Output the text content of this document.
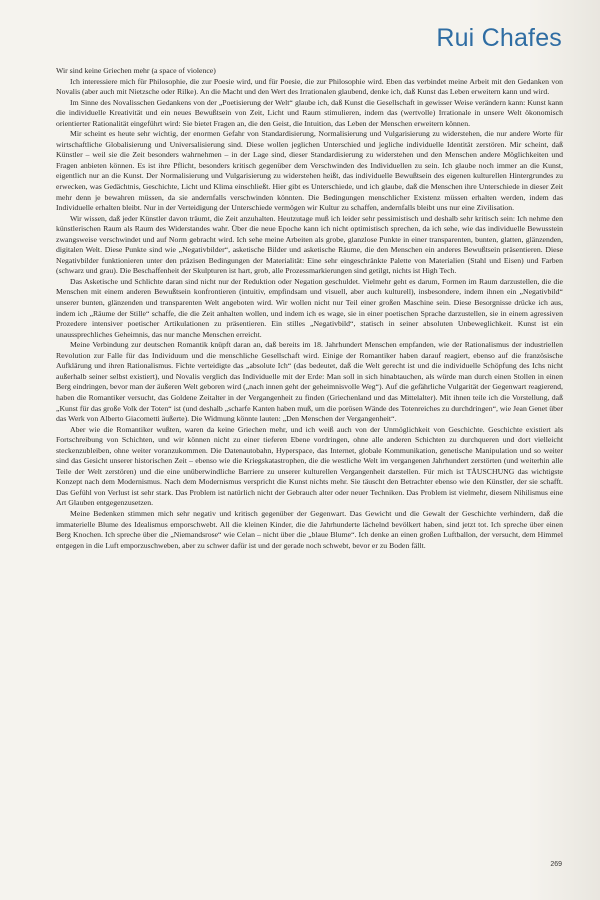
Rui Chafes

Wir sind keine Griechen mehr (a space of violence)

Ich interessiere mich für Philosophie, die zur Poesie wird, und für Poesie, die zur Philosophie wird. Eben das verbindet meine Arbeit mit den Gedanken von Novalis (aber auch mit Nietzsche oder Rilke). An die Macht und den Wert des Irrationalen glaubend, denke ich, daß Kunst das Leben erweitern kann und wird.

Im Sinne des Novalisschen Gedankens von der „Poetisierung der Welt“ glaube ich, daß Kunst die Gesellschaft in gewisser Weise verändern kann: Kunst kann die individuelle Kreativität und ein neues Bewußtsein von Zeit, Licht und Raum stimulieren, indem das (wertvolle) Irrationale in unsere Welt ökonomisch orientierter Rationalität eingeführt wird: Sie bietet Fragen an, die den Geist, die Intuition, das Leben der Menschen erweitern können.

Mir scheint es heute sehr wichtig, der enormen Gefahr von Standardisierung, Normalisierung und Vulgarisierung zu widerstehen, die nur andere Worte für wirtschaftliche Globalisierung und Universalisierung sind. Diese wollen jeglichen Unterschied und jegliche individuelle Identität zerstören. Mir scheint, daß Künstler – weil sie die Zeit besonders wahrnehmen – in der Lage sind, dieser Standardisierung zu widerstehen und den Menschen andere Möglichkeiten und Fragen anbieten können. Es ist ihre Pflicht, besonders kritisch gegenüber dem Verschwinden des Individuellen zu sein. Ich glaube noch immer an die Kunst, eigentlich nur an die Kunst. Der Normalisierung und Vulgarisierung zu widerstehen heißt, das individuelle Bewußtsein des eigenen kulturellen Hintergrundes zu erwecken, was Gedächtnis, Geschichte, Licht und Klima einschließt. Hier gibt es Unterschiede, und ich glaube, daß die Menschen ihre Unterschiede in dieser Zeit mehr denn je bewahren müssen, da sie andernfalls verschwinden könnten. Die Bedingungen menschlicher Existenz müssen erhalten werden, indem das Individuelle erhalten bleibt. Nur in der Verteidigung der Unterschiede vermögen wir Kultur zu schaffen, andernfalls bleibt uns nur eine Zivilisation.

Wir wissen, daß jeder Künstler davon träumt, die Zeit anzuhalten. Heutzutage muß ich leider sehr pessimistisch und deshalb sehr kritisch sein: Ich nehme den künstlerischen Raum als Raum des Widerstandes wahr. Über die neue Epoche kann ich nicht optimistisch sprechen, da ich sehe, wie das individuelle Bewusstein zwangsweise verschwindet und auf Norm gebracht wird. Ich sehe meine Arbeiten als grobe, glanzlose Punkte in einer transparenten, bunten, glatten, glänzenden, digitalen Welt. Diese Punkte sind wie „Negativbilder“, asketische Bilder und asketische Räume, die den Menschen ein anderes Bewußtsein präsentieren. Diese Negativbilder funktionieren unter den präzisen Bedingungen der Materialität: Eine sehr eingeschränkte Palette von Materialien (Stahl und Eisen) und Farben (schwarz und grau). Die Beschaffenheit der Skulpturen ist hart, grob, alle Prozessmarkierungen sind getilgt, nichts ist High Tech.

Das Asketische und Schlichte daran sind nicht nur der Reduktion oder Negation geschuldet. Vielmehr geht es darum, Formen im Raum darzustellen, die die Menschen mit einem anderen Bewußtsein konfrontieren (intuitiv, empfindsam und visuell, aber auch kulturell), insbesondere, indem ihnen ein „Negativbild“ unserer bunten, glänzenden und transparenten Welt angeboten wird. Wir wollen nicht nur Teil einer großen Maschine sein. Diese Besorgnisse drücke ich aus, indem ich „Räume der Stille“ schaffe, die die Zeit anhalten wollen, und indem ich es wage, sie in einer poetischen Sprache darzustellen, sie in einem agressiven Prozedere intensiver poetischer Artikulationen zu präsentieren. Ein stilles „Negativbild“, statisch in seiner absoluten Unbeweglichkeit. Kunst ist ein unaussprechliches Geheimnis, das nur manche Menschen erreicht.

Meine Verbindung zur deutschen Romantik knüpft daran an, daß bereits im 18. Jahrhundert Menschen empfanden, wie der Rationalismus der industriellen Revolution zur Falle für das Individuum und die menschliche Gesellschaft wird. Einige der Romantiker haben darauf reagiert, ebenso auf die französische Aufklärung und ihren Rationalismus. Fichte verteidigte das „absolute Ich“ (das bedeutet, daß die Welt gerecht ist und die individuelle Schöpfung des Ichs nicht außerhalb seiner selbst existiert), und Novalis verglich das Individuelle mit der Erde: Man soll in sich hinabtauchen, als würde man durch einen Stollen in einen Berg eindringen, bevor man der äußeren Welt geboren wird („nach innen geht der geheimnisvolle Weg“). Auf die gefährliche Vulgarität der Gegenwart reagierend, haben die Romantiker versucht, das Goldene Zeitalter in der Vergangenheit zu finden (Griechenland und das Mittelalter). Mit ihnen teile ich die Vorstellung, daß „Kunst für das große Volk der Toten“ ist (und deshalb „scharfe Kanten haben muß, um die porösen Wände des Totenreiches zu durchdringen“, wie Jean Genet über das Werk von Alberto Giacometti äußerte). Die Widmung könnte lauten: „Den Menschen der Vergangenheit“.

Aber wie die Romantiker wußten, waren da keine Griechen mehr, und ich weiß auch von der Unmöglichkeit von Geschichte. Geschichte existiert als Fortschreibung von Schichten, und wir können nicht zu einer tieferen Ebene vordringen, ohne alle anderen Schichten zu durchqueren und dort vielleicht steckenzubleiben, ohne weiter voranzukommen. Die Datenautobahn, Hyperspace, das Internet, globale Kommunikation, genetische Manipulation und so weiter sind das Gesicht unserer historischen Zeit – ebenso wie die Kriegskatastrophen, die die westliche Welt im vergangenen Jahrhundert zerstörten (und weiterhin alle Teile der Welt zerstören) und die eine unüberwindliche Barriere zu unserer kulturellen Vergangenheit darstellen. Für mich ist TÄUSCHUNG das wichtigste Konzept nach dem Modernismus. Nach dem Modernismus verspricht die Kunst nichts mehr. Sie täuscht den Betrachter ebenso wie den Künstler, der sie schafft. Das Gefühl von Verlust ist sehr stark. Das Problem ist natürlich nicht der Gebrauch alter oder neuer Techniken. Das Problem ist vielmehr, diesem Nihilismus eine Art Glauben entgegenzusetzen.

Meine Bedenken stimmen mich sehr negativ und kritisch gegenüber der Gegenwart. Das Gewicht und die Gewalt der Geschichte verhindern, daß die immaterielle Blume des Idealismus emporschwebt. All die kleinen Kinder, die die Jahrhunderte lächelnd bevölkert haben, sind jetzt tot. Ich spreche über einen Berg Knochen. Ich spreche über die „Niemandsrose“ wie Celan – nicht über die „blaue Blume“. Ich denke an einen großen Luftballon, der versucht, dem Himmel entgegen in die Luft emporzuschweben, aber zu schwer dafür ist und der gerade noch schwebt, bevor er zu Boden fällt.

269
